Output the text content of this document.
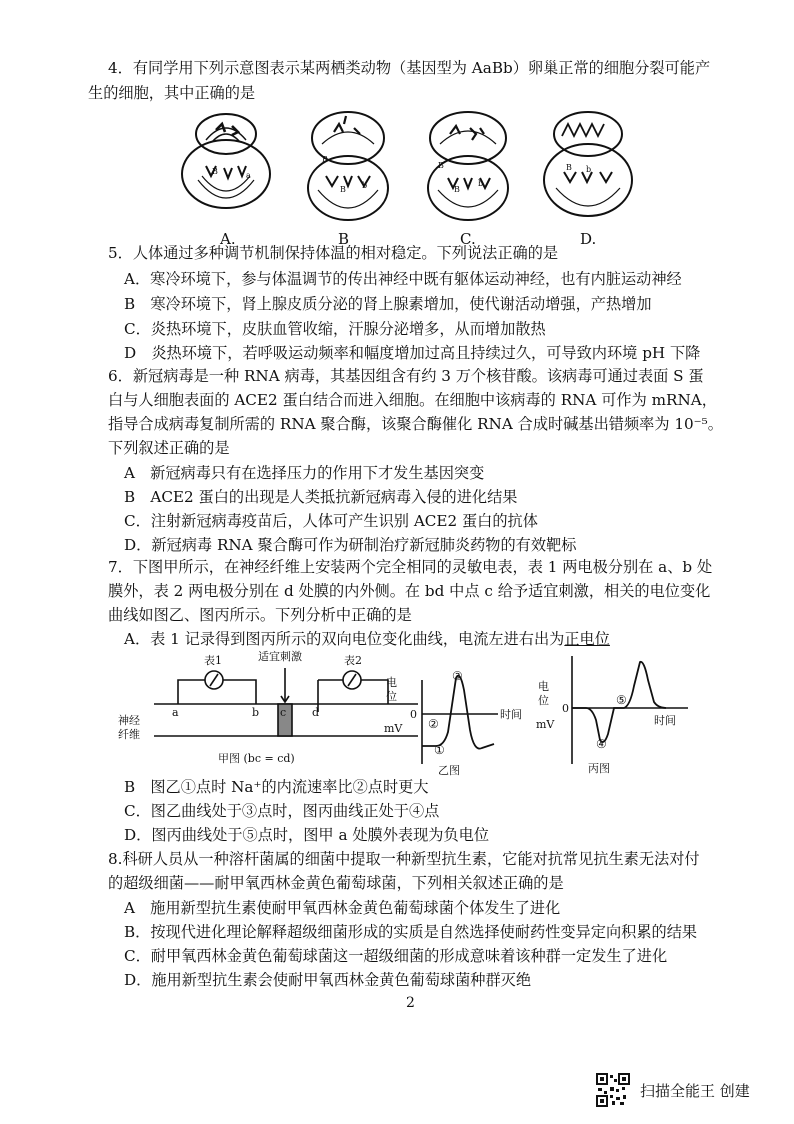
4．有同学用下列示意图表示某两栖类动物（基因型为 AaBb）卵巢正常的细胞分裂可能产
生的细胞，其中正确的是
B	a
B
B b
B
B
b
B b
A.	B	C.	D.
5．人体通过多种调节机制保持体温的相对稳定。下列说法正确的是
A．寒冷环境下，参与体温调节的传出神经中既有躯体运动神经，也有内脏运动神经
B　寒冷环境下，肾上腺皮质分泌的肾上腺素增加，使代谢活动增强，产热增加
C．炎热环境下，皮肤血管收缩，汗腺分泌增多，从而增加散热
D　炎热环境下，若呼吸运动频率和幅度增加过高且持续过久，可导致内环境 pH 下降
6．新冠病毒是一种 RNA 病毒，其基因组含有约 3 万个核苷酸。该病毒可通过表面 S 蛋
白与人细胞表面的 ACE2 蛋白结合而进入细胞。在细胞中该病毒的 RNA 可作为 mRNA，
指导合成病毒复制所需的 RNA 聚合酶，该聚合酶催化 RNA 合成时碱基出错频率为 10⁻⁵。
下列叙述正确的是
A　新冠病毒只有在选择压力的作用下才发生基因突变
B　ACE2 蛋白的出现是人类抵抗新冠病毒入侵的进化结果
C．注射新冠病毒疫苗后，人体可产生识别 ACE2 蛋白的抗体
D．新冠病毒 RNA 聚合酶可作为研制治疗新冠肺炎药物的有效靶标
7．下图甲所示，在神经纤维上安装两个完全相同的灵敏电表，表 1 两电极分别在 a、b 处
膜外，表 2 两电极分别在 d 处膜的内外侧。在 bd 中点 c 给予适宜刺激，相关的电位变化
曲线如图乙、图丙所示。下列分析中正确的是
A．表 1 记录得到图丙所示的双向电位变化曲线，电流左进右出为正电位
神经
纤维
表1	表2
适宜刺激
a	b c d
甲图 (bc = cd)
电
位
0
mV
时间
乙图
①
②
③
电
位
0
mV	时间
丙图
④
⑤
B　图乙①点时 Na⁺的内流速率比②点时更大
C．图乙曲线处于③点时，图丙曲线正处于④点
D．图丙曲线处于⑤点时，图甲 a 处膜外表现为负电位
8.科研人员从一种溶杆菌属的细菌中提取一种新型抗生素，它能对抗常见抗生素无法对付
的超级细菌——耐甲氧西林金黄色葡萄球菌，下列相关叙述正确的是
A　施用新型抗生素使耐甲氧西林金黄色葡萄球菌个体发生了进化
B．按现代进化理论解释超级细菌形成的实质是自然选择使耐药性变异定向积累的结果
C．耐甲氧西林金黄色葡萄球菌这一超级细菌的形成意味着该种群一定发生了进化
D．施用新型抗生素会使耐甲氧西林金黄色葡萄球菌种群灭绝
2
扫描全能王 创建
